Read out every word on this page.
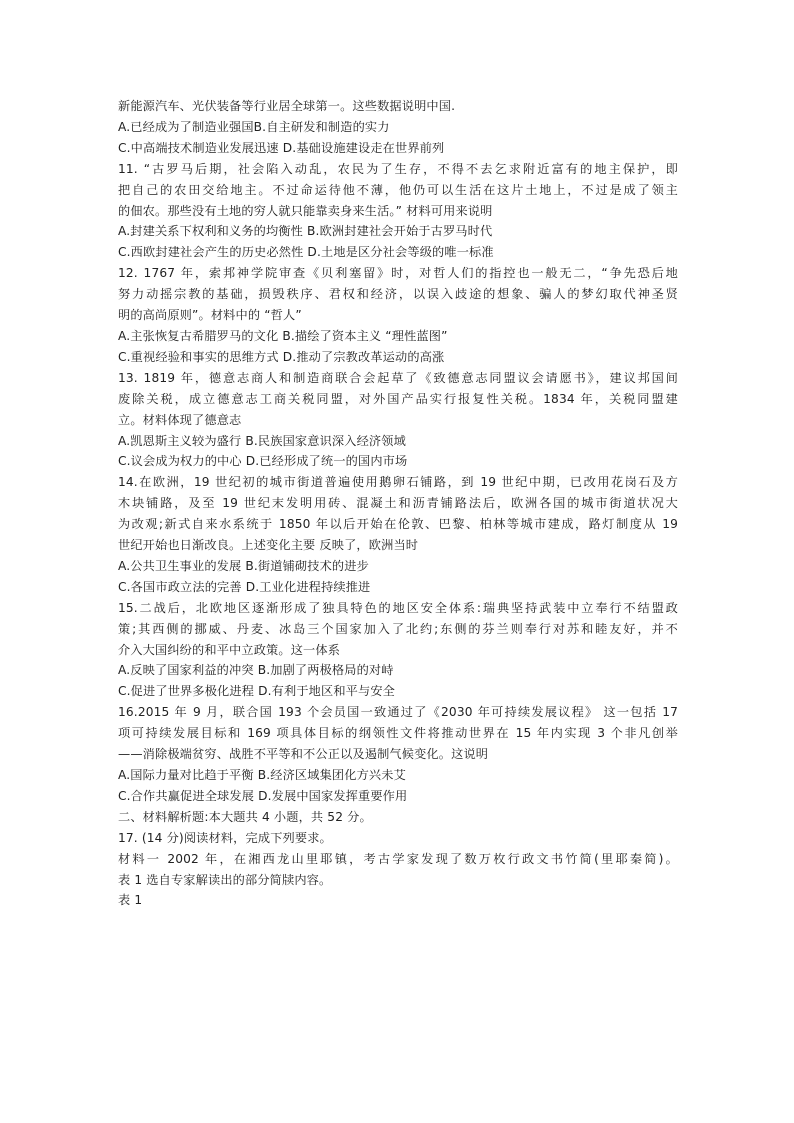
新能源汽车、光伏装备等行业居全球第一。这些数据说明中国.
A.已经成为了制造业强国B.自主研发和制造的实力
C.中高端技术制造业发展迅速 D.基础设施建设走在世界前列
11. “古罗马后期，社会陷入动乱，农民为了生存，不得不去乞求附近富有的地主保护，即
把自己的农田交给地主。不过命运待他不薄，他仍可以生活在这片土地上，不过是成了领主
的佃农。那些没有土地的穷人就只能靠卖身来生活。” 材料可用来说明
A.封建关系下权利和义务的均衡性 B.欧洲封建社会开始于古罗马时代
C.西欧封建社会产生的历史必然性 D.土地是区分社会等级的唯一标准
12. 1767 年，索邦神学院审查《贝利塞留》时，对哲人们的指控也一般无二，“争先恐后地
努力动摇宗教的基础，损毁秩序、君权和经济，以误入歧途的想象、骗人的梦幻取代神圣贤
明的高尚原则”。材料中的 “哲人”
A.主张恢复古希腊罗马的文化 B.描绘了资本主义 “理性蓝图”
C.重视经验和事实的思维方式 D.推动了宗教改革运动的高涨
13. 1819 年，德意志商人和制造商联合会起草了《致德意志同盟议会请愿书》，建议邦国间
废除关税，成立德意志工商关税同盟，对外国产品实行报复性关税。1834 年，关税同盟建
立。材料体现了德意志
A.凯恩斯主义较为盛行 B.民族国家意识深入经济领域
C.议会成为权力的中心 D.已经形成了统一的国内市场
14.在欧洲，19 世纪初的城市街道普遍使用鹅卵石铺路，到 19 世纪中期，已改用花岗石及方
木块铺路，及至 19 世纪末发明用砖、混凝土和沥青铺路法后，欧洲各国的城市街道状况大
为改观;新式自来水系统于 1850 年以后开始在伦敦、巴黎、柏林等城市建成，路灯制度从 19
世纪开始也日渐改良。上述变化主要 反映了，欧洲当时
A.公共卫生事业的发展 B.街道铺砌技术的进步
C.各国市政立法的完善 D.工业化进程持续推进
15.二战后，北欧地区逐渐形成了独具特色的地区安全体系:瑞典坚持武装中立奉行不结盟政
策;其西侧的挪威、丹麦、冰岛三个国家加入了北约;东侧的芬兰则奉行对苏和睦友好，并不
介入大国纠纷的和平中立政策。这一体系
A.反映了国家利益的冲突 B.加剧了两极格局的对峙
C.促进了世界多极化进程 D.有利于地区和平与安全
16.2015 年 9 月，联合国 193 个会员国一致通过了《2030 年可持续发展议程》 这一包括 17
项可持续发展目标和 169 项具体目标的纲领性文件将推动世界在 15 年内实现 3 个非凡创举
——消除极端贫穷、战胜不平等和不公正以及遏制气候变化。这说明
A.国际力量对比趋于平衡 B.经济区域集团化方兴未艾
C.合作共赢促进全球发展 D.发展中国家发挥重要作用
二、材料解析题:本大题共 4 小题，共 52 分。
17. (14 分)阅读材料，完成下列要求。
材料一 2002 年，在湘西龙山里耶镇，考古学家发现了数万枚行政文书竹简(里耶秦简)。
表 1 选自专家解读出的部分简牍内容。
表 1
